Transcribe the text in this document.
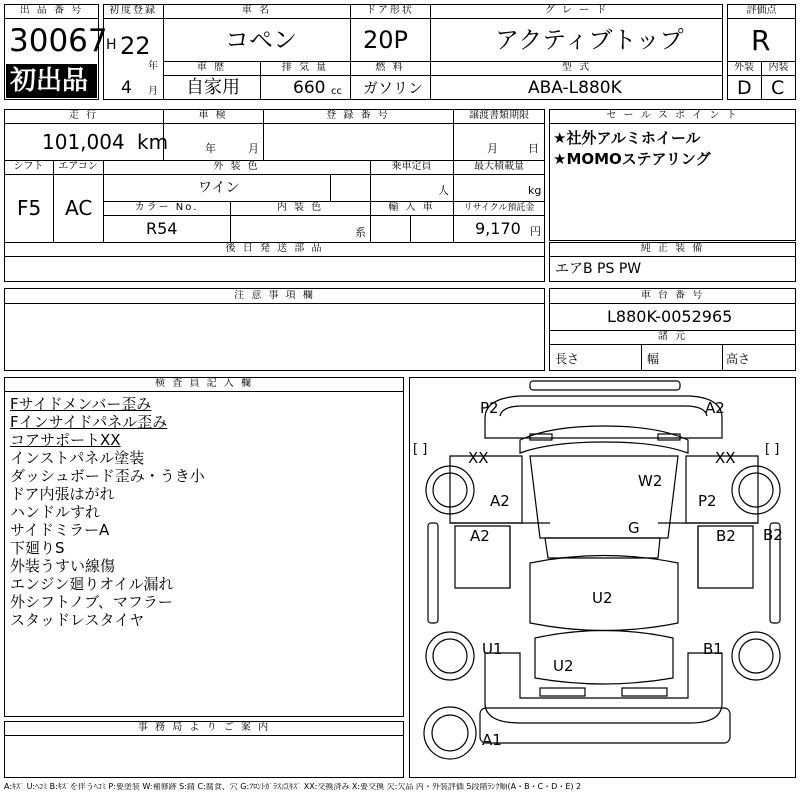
出 品 番 号
30067
初出品
初度登録
H 22
年
4 月
車 名
コペン
ドア形状
20P
グ レ ー ド
アクティブトップ
車 歴
自家用
排 気 量
660 cc
燃 料
ガソリン
型 式
ABA-L880K
評価点
R
外装	内装
D C
走 行
101,004 km
車 検
年	月
登 録 番 号	譲渡書類期限
月	日
シフト
F5
エアコン
AC
外 装 色
ワイン
乗車定員
人
最大積載量
kg
カラー No.
R54
内 装 色
系
輸 入 車	リサイクル預託金
9,170 円
後 日 発 送 部 品
セ ー ル ス ポ イ ン ト
★社外アルミホイール
★MOMOステアリング
純 正 装 備
エアB PS PW
注 意 事 項 欄	車 台 番 号
L880K-0052965
諸 元
長さ	幅	高さ
検 査 員 記 入 欄
Fサイドメンバー歪み
Fインサイドパネル歪み
コアサポートXX
インストパネル塗装
ダッシュボード歪み・うき小
ドア内張はがれ
ハンドルすれ
サイドミラーA
下廻りS
外装うすい線傷
エンジン廻りオイル漏れ
外シフトノブ、マフラー
スタッドレスタイヤ
事 務 局 よ り ご 案 内
P2	A2
[ ]	[ ]
XX	XX
W2
A2	P2
G
A2	B2 B2
U2
U1	B1
U2
A1
A:ｷｽﾞ U:ﾍｺﾐ B:ｷｽﾞを伴うﾍｺﾐ P:要塗装 W:補修跡 S:錆 C:腐食、穴 G:ﾌﾛﾝﾄｶﾞﾗｽ点ｷｽﾞ XX:交換済み X:要交換 欠:欠品 内・外装評価 5段階ﾗﾝｸ順(A・B・C・D・E) 2
